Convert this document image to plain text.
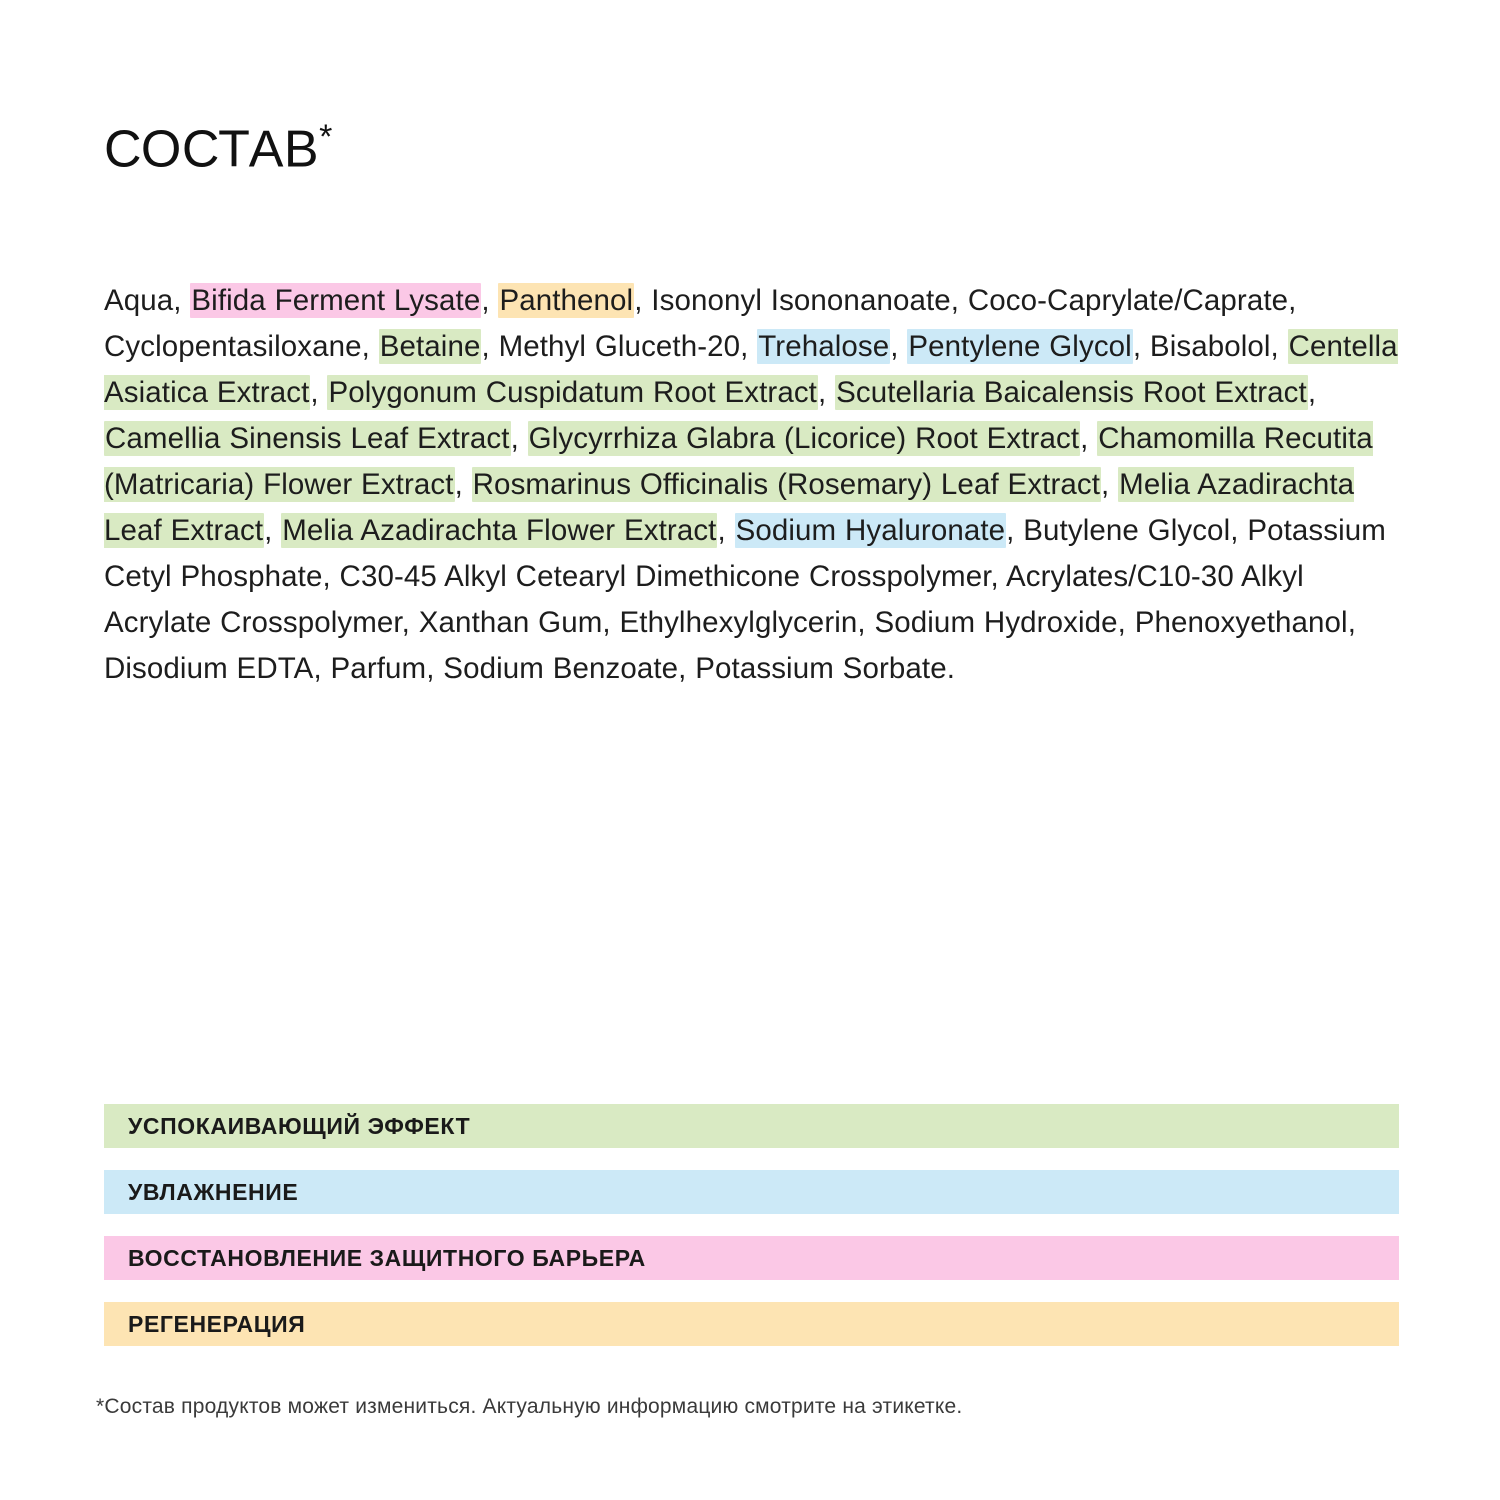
СОСТАВ*

Aqua, Bifida Ferment Lysate, Panthenol, Isononyl Isononanoate, Coco-Caprylate/Caprate, Cyclopentasiloxane, Betaine, Methyl Gluceth-20, Trehalose, Pentylene Glycol, Bisabolol, Centella Asiatica Extract, Polygonum Cuspidatum Root Extract, Scutellaria Baicalensis Root Extract, Camellia Sinensis Leaf Extract, Glycyrrhiza Glabra (Licorice) Root Extract, Chamomilla Recutita (Matricaria) Flower Extract, Rosmarinus Officinalis (Rosemary) Leaf Extract, Melia Azadirachta Leaf Extract, Melia Azadirachta Flower Extract, Sodium Hyaluronate, Butylene Glycol, Potassium Cetyl Phosphate, C30-45 Alkyl Cetearyl Dimethicone Crosspolymer, Acrylates/C10-30 Alkyl Acrylate Crosspolymer, Xanthan Gum, Ethylhexylglycerin, Sodium Hydroxide, Phenoxyethanol, Disodium EDTA, Parfum, Sodium Benzoate, Potassium Sorbate.

УСПОКАИВАЮЩИЙ ЭФФЕКТ
УВЛАЖНЕНИЕ
ВОССТАНОВЛЕНИЕ ЗАЩИТНОГО БАРЬЕРА
РЕГЕНЕРАЦИЯ
*Состав продуктов может измениться. Актуальную информацию смотрите на этикетке.
